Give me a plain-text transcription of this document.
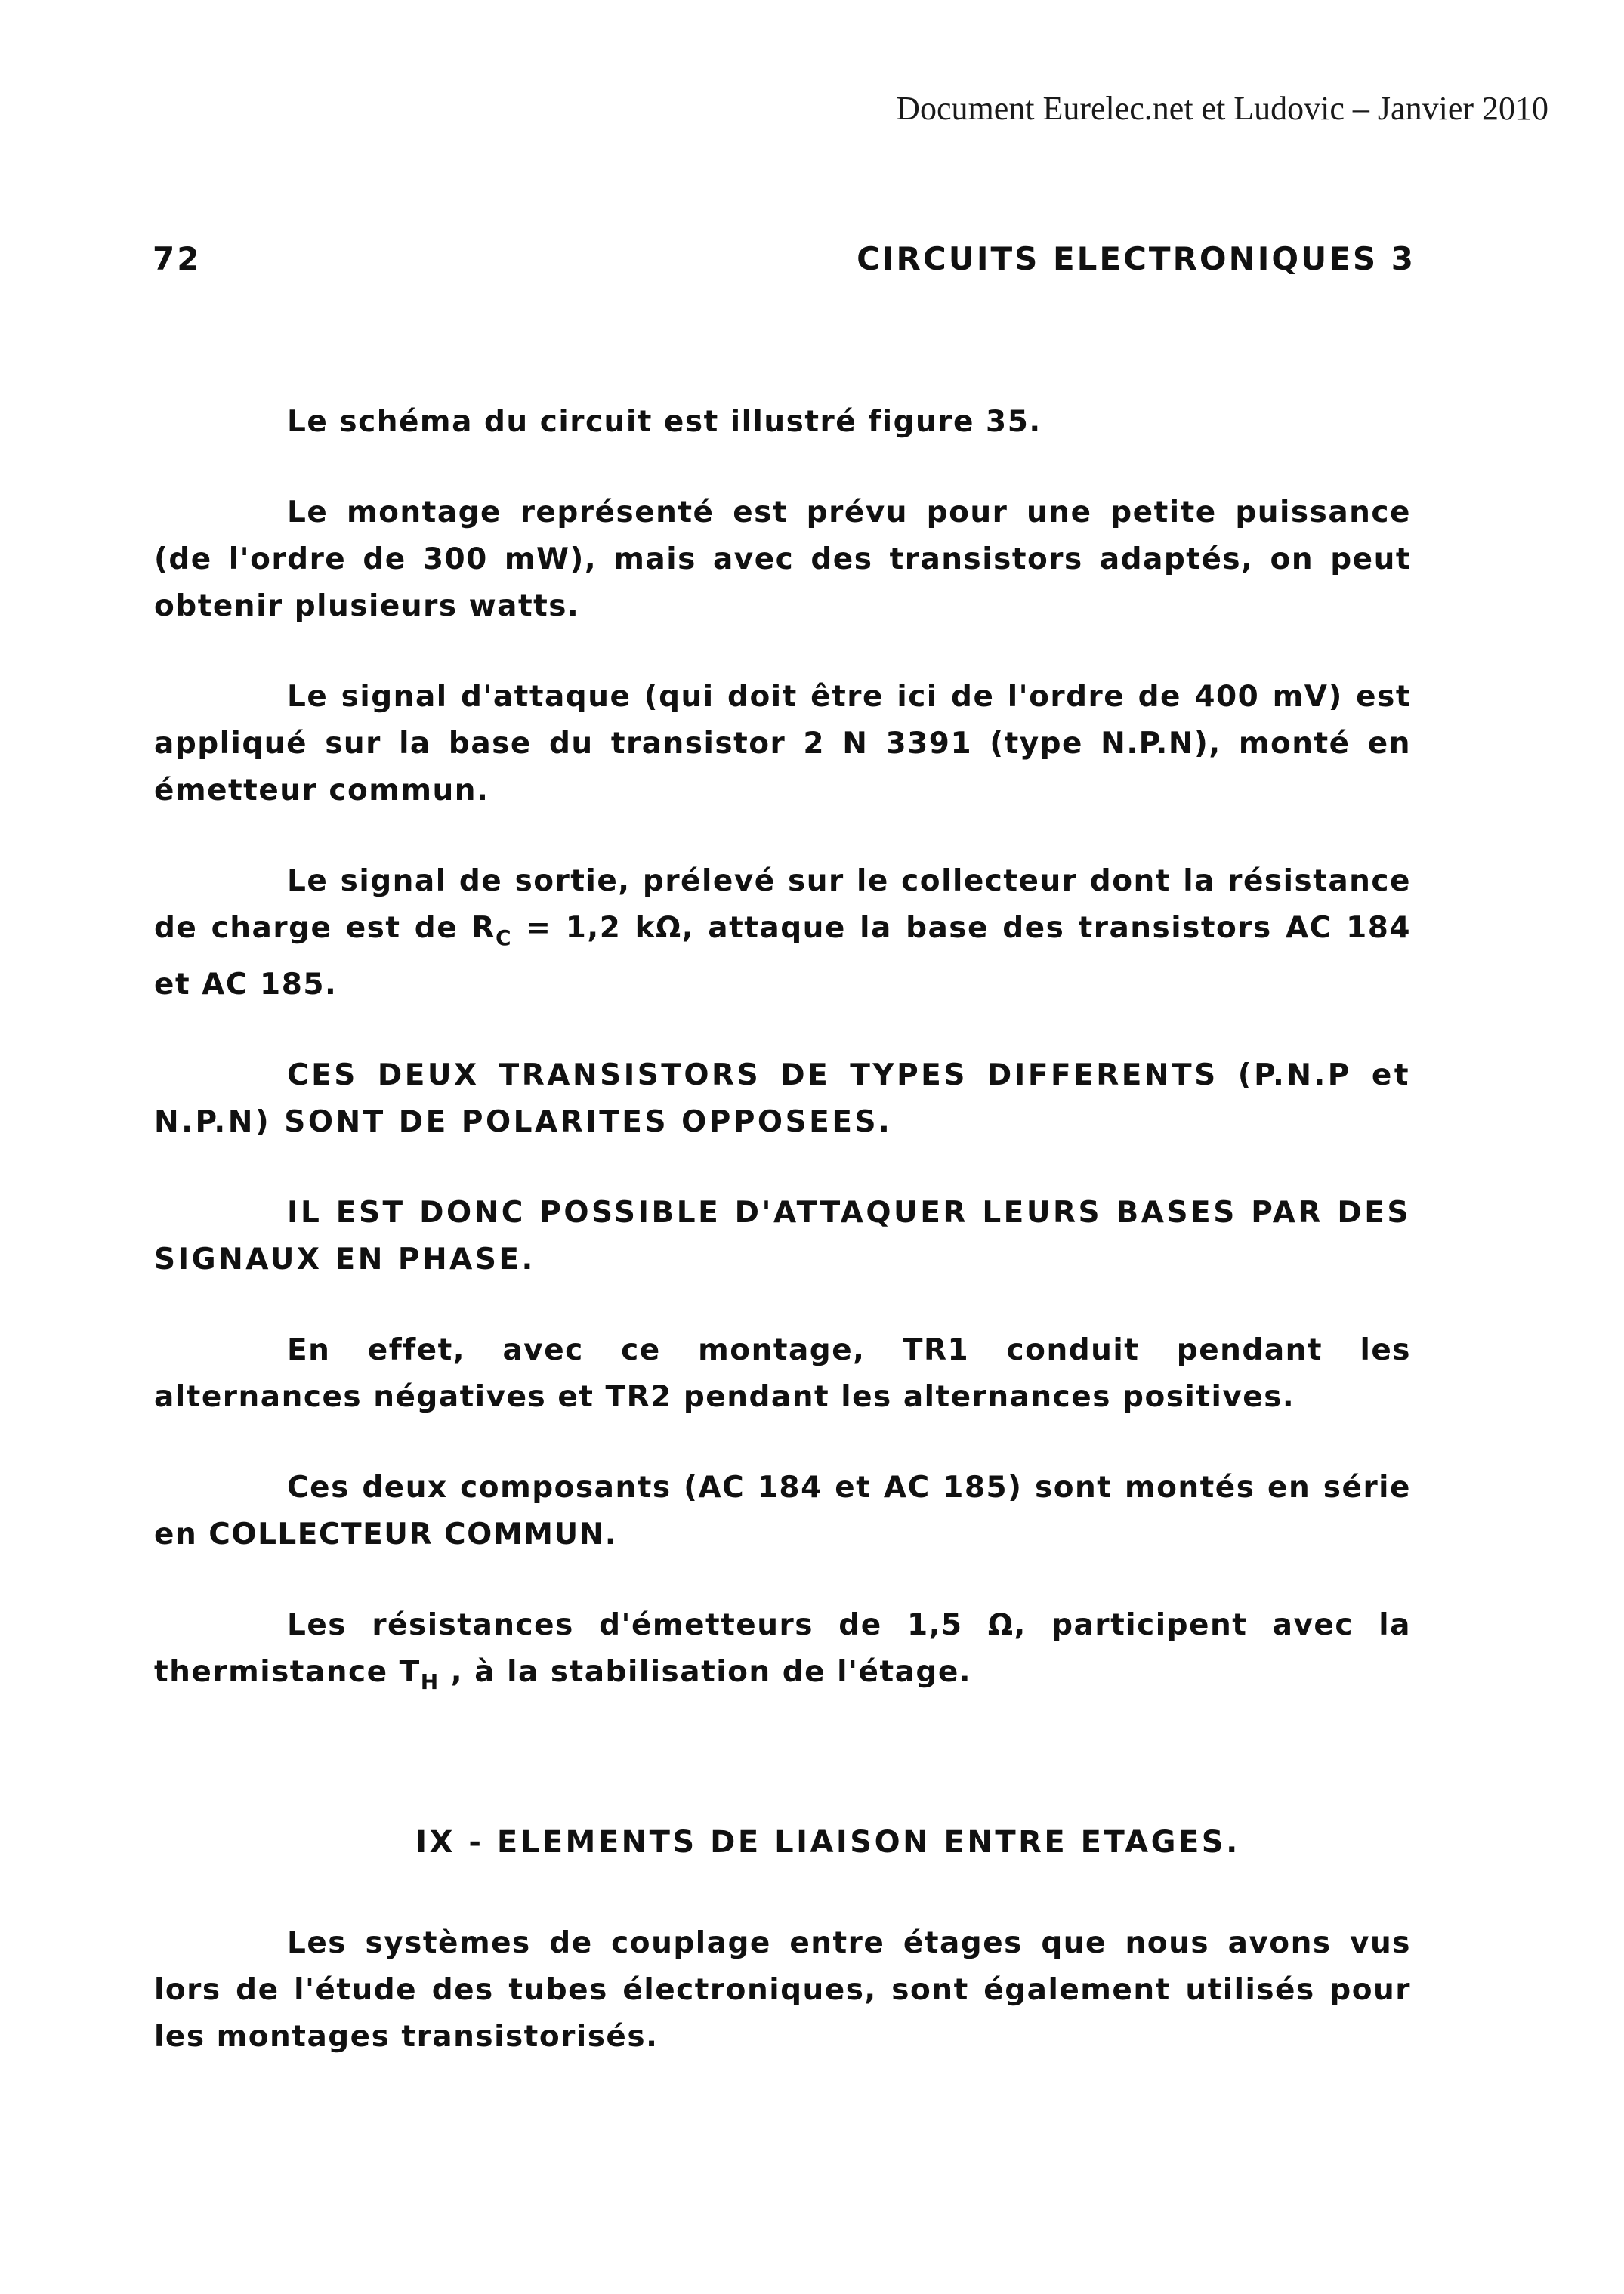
Document Eurelec.net et Ludovic – Janvier 2010
72	CIRCUITS ELECTRONIQUES 3

Le schéma du circuit est illustré figure 35.

Le montage représenté est prévu pour une petite puissance (de l'ordre de 300 mW), mais avec des transistors adaptés, on peut obtenir plusieurs watts.

Le signal d'attaque (qui doit être ici de l'ordre de 400 mV) est appliqué sur la base du transistor 2 N 3391 (type N.P.N), monté en émetteur commun.

Le signal de sortie, prélevé sur le collecteur dont la résistance de charge est de $R_C = 1,2$ kΩ, attaque la base des transistors AC 184 et AC 185.

CES DEUX TRANSISTORS DE TYPES DIFFERENTS (P.N.P et N.P.N) SONT DE POLARITES OPPOSEES.

IL EST DONC POSSIBLE D'ATTAQUER LEURS BASES PAR DES SIGNAUX EN PHASE.

En effet, avec ce montage, TR1 conduit pendant les alternances négatives et TR2 pendant les alternances positives.

Ces deux composants (AC 184 et AC 185) sont montés en série en COLLECTEUR COMMUN.

Les résistances d'émetteurs de 1,5 Ω, participent avec la thermistance $T_H$ , à la stabilisation de l'étage.

IX - ELEMENTS DE LIAISON ENTRE ETAGES.

Les systèmes de couplage entre étages que nous avons vus lors de l'étude des tubes électroniques, sont également utilisés pour les montages transistorisés.
